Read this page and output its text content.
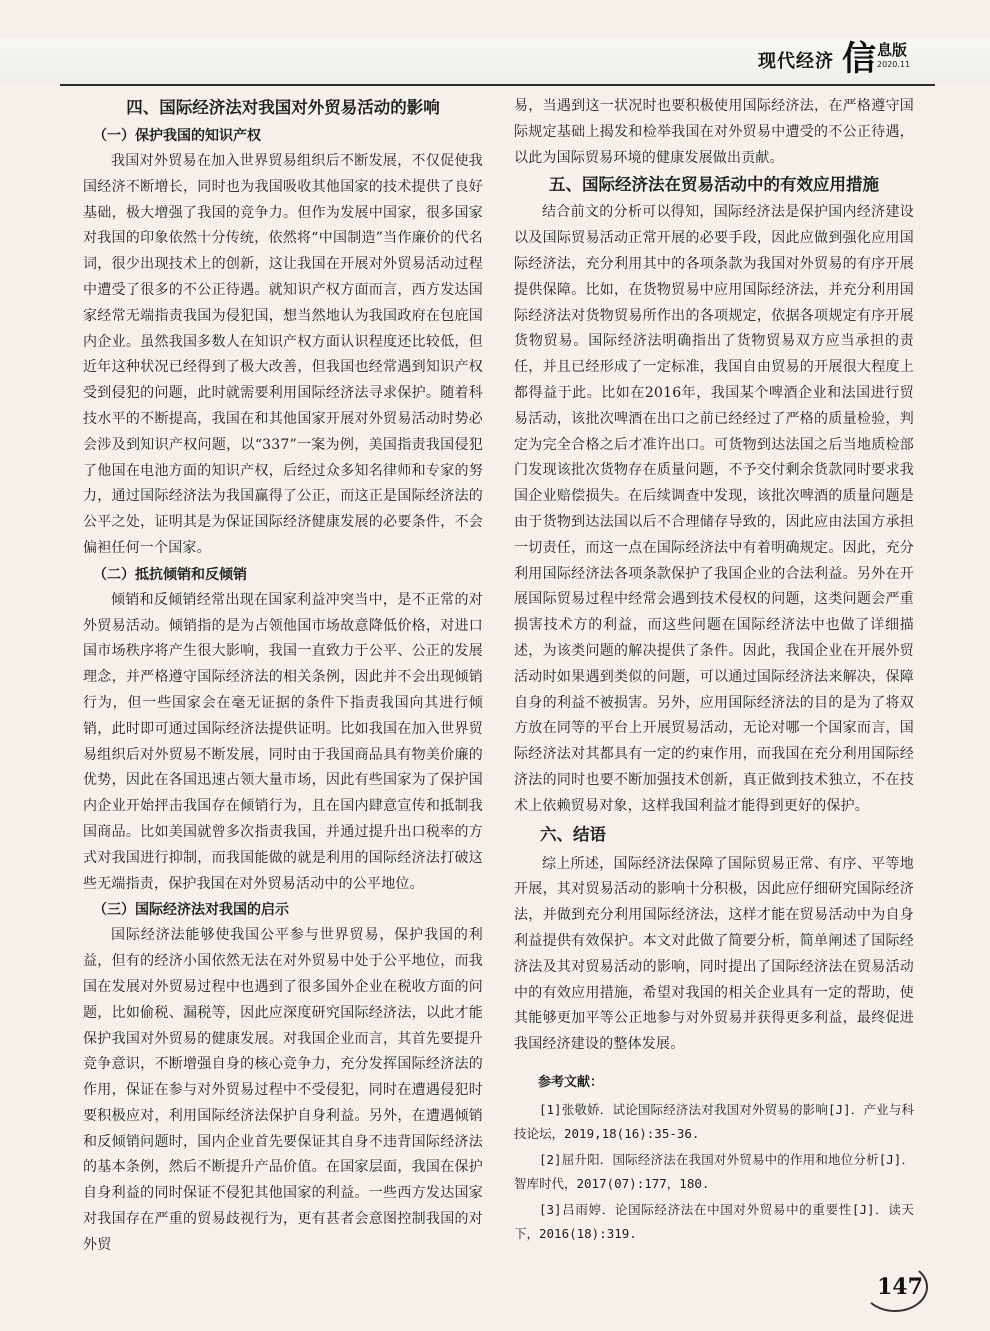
现代经济 信 息版
2020.11

四、国际经济法对我国对外贸易活动的影响

（一）保护我国的知识产权

我国对外贸易在加入世界贸易组织后不断发展，不仅促使我国经济不断增长，同时也为我国吸收其他国家的技术提供了良好基础，极大增强了我国的竞争力。但作为发展中国家，很多国家对我国的印象依然十分传统，依然将“中国制造”当作廉价的代名词，很少出现技术上的创新，这让我国在开展对外贸易活动过程中遭受了很多的不公正待遇。就知识产权方面而言，西方发达国家经常无端指责我国为侵犯国，想当然地认为我国政府在包庇国内企业。虽然我国多数人在知识产权方面认识程度还比较低，但近年这种状况已经得到了极大改善，但我国也经常遇到知识产权受到侵犯的问题，此时就需要利用国际经济法寻求保护。随着科技水平的不断提高，我国在和其他国家开展对外贸易活动时势必会涉及到知识产权问题，以“337”一案为例，美国指责我国侵犯了他国在电池方面的知识产权，后经过众多知名律师和专家的努力，通过国际经济法为我国赢得了公正，而这正是国际经济法的公平之处，证明其是为保证国际经济健康发展的必要条件，不会偏袒任何一个国家。

（二）抵抗倾销和反倾销

倾销和反倾销经常出现在国家利益冲突当中，是不正常的对外贸易活动。倾销指的是为占领他国市场故意降低价格，对进口国市场秩序将产生很大影响，我国一直致力于公平、公正的发展理念，并严格遵守国际经济法的相关条例，因此并不会出现倾销行为，但一些国家会在毫无证据的条件下指责我国向其进行倾销，此时即可通过国际经济法提供证明。比如我国在加入世界贸易组织后对外贸易不断发展，同时由于我国商品具有物美价廉的优势，因此在各国迅速占领大量市场，因此有些国家为了保护国内企业开始抨击我国存在倾销行为，且在国内肆意宣传和抵制我国商品。比如美国就曾多次指责我国，并通过提升出口税率的方式对我国进行抑制，而我国能做的就是利用的国际经济法打破这些无端指责，保护我国在对外贸易活动中的公平地位。

（三）国际经济法对我国的启示

国际经济法能够使我国公平参与世界贸易，保护我国的利益，但有的经济小国依然无法在对外贸易中处于公平地位，而我国在发展对外贸易过程中也遇到了很多国外企业在税收方面的问题，比如偷税、漏税等，因此应深度研究国际经济法，以此才能保护我国对外贸易的健康发展。对我国企业而言，其首先要提升竞争意识，不断增强自身的核心竞争力，充分发挥国际经济法的作用，保证在参与对外贸易过程中不受侵犯，同时在遭遇侵犯时要积极应对，利用国际经济法保护自身利益。另外，在遭遇倾销和反倾销问题时，国内企业首先要保证其自身不违背国际经济法的基本条例，然后不断提升产品价值。在国家层面，我国在保护自身利益的同时保证不侵犯其他国家的利益。一些西方发达国家对我国存在严重的贸易歧视行为，更有甚者会意图控制我国的对外贸

易，当遇到这一状况时也要积极使用国际经济法，在严格遵守国际规定基础上揭发和检举我国在对外贸易中遭受的不公正待遇，以此为国际贸易环境的健康发展做出贡献。

五、国际经济法在贸易活动中的有效应用措施

结合前文的分析可以得知，国际经济法是保护国内经济建设以及国际贸易活动正常开展的必要手段，因此应做到强化应用国际经济法，充分利用其中的各项条款为我国对外贸易的有序开展提供保障。比如，在货物贸易中应用国际经济法，并充分利用国际经济法对货物贸易所作出的各项规定，依据各项规定有序开展货物贸易。国际经济法明确指出了货物贸易双方应当承担的责任，并且已经形成了一定标准，我国自由贸易的开展很大程度上都得益于此。比如在2016年，我国某个啤酒企业和法国进行贸易活动，该批次啤酒在出口之前已经经过了严格的质量检验，判定为完全合格之后才准许出口。可货物到达法国之后当地质检部门发现该批次货物存在质量问题，不予交付剩余货款同时要求我国企业赔偿损失。在后续调查中发现，该批次啤酒的质量问题是由于货物到达法国以后不合理储存导致的，因此应由法国方承担一切责任，而这一点在国际经济法中有着明确规定。因此，充分利用国际经济法各项条款保护了我国企业的合法利益。另外在开展国际贸易过程中经常会遇到技术侵权的问题，这类问题会严重损害技术方的利益，而这些问题在国际经济法中也做了详细描述，为该类问题的解决提供了条件。因此，我国企业在开展外贸活动时如果遇到类似的问题，可以通过国际经济法来解决，保障自身的利益不被损害。另外，应用国际经济法的目的是为了将双方放在同等的平台上开展贸易活动，无论对哪一个国家而言，国际经济法对其都具有一定的约束作用，而我国在充分利用国际经济法的同时也要不断加强技术创新，真正做到技术独立，不在技术上依赖贸易对象，这样我国利益才能得到更好的保护。

六、结语

综上所述，国际经济法保障了国际贸易正常、有序、平等地开展，其对贸易活动的影响十分积极，因此应仔细研究国际经济法，并做到充分利用国际经济法，这样才能在贸易活动中为自身利益提供有效保护。本文对此做了简要分析，简单阐述了国际经济法及其对贸易活动的影响，同时提出了国际经济法在贸易活动中的有效应用措施，希望对我国的相关企业具有一定的帮助，使其能够更加平等公正地参与对外贸易并获得更多利益，最终促进我国经济建设的整体发展。

参考文献：

[1]张敬娇．试论国际经济法对我国对外贸易的影响[J]．产业与科技论坛，2019,18(16):35-36.

[2]屈升阳．国际经济法在我国对外贸易中的作用和地位分析[J]．智库时代，2017(07):177，180.

[3]吕雨婷．论国际经济法在中国对外贸易中的重要性[J]．读天下，2016(18):319.

147
